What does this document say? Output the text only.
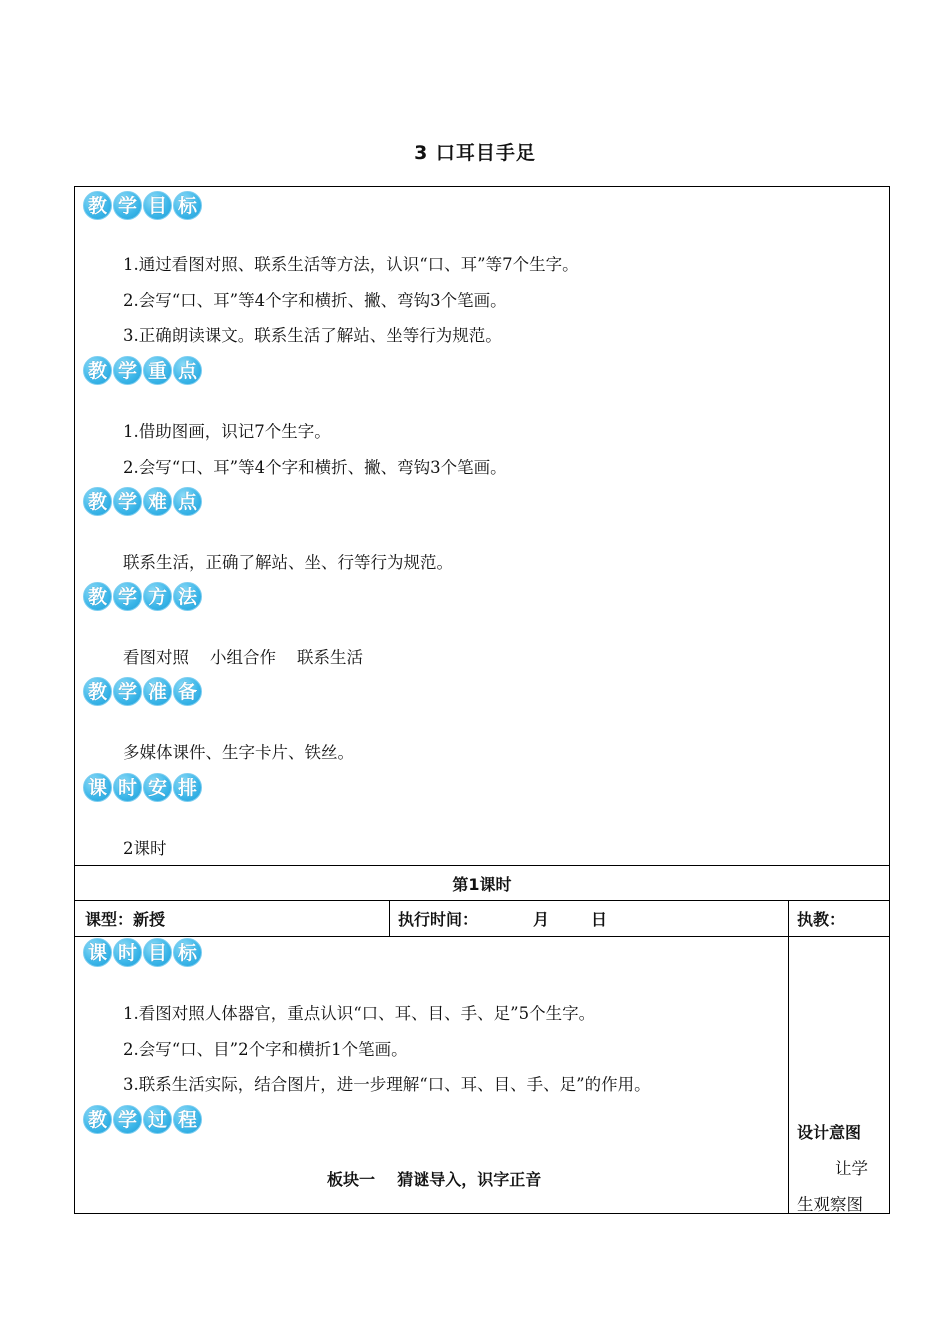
3 口耳目手足
教 学 目 标
1.通过看图对照、联系生活等方法，认识“口、耳”等7个生字。
2.会写“口、耳”等4个字和横折、撇、弯钩3个笔画。
3.正确朗读课文。联系生活了解站、坐等行为规范。
教 学 重 点
1.借助图画，识记7个生字。
2.会写“口、耳”等4个字和横折、撇、弯钩3个笔画。
教 学 难 点
联系生活，正确了解站、坐、行等行为规范。
教 学 方 法
看图对照    小组合作    联系生活
教 学 准 备
多媒体课件、生字卡片、铁丝。
课 时 安 排
2课时
第1课时
课型：新授	执行时间：	月	日	执教：
课 时 目 标
1.看图对照人体器官，重点认识“口、耳、目、手、足”5个生字。
2.会写“口、目”2个字和横折1个笔画。
3.联系生活实际，结合图片，进一步理解“口、耳、目、手、足”的作用。
教 学 过 程
板块一    猜谜导入，识字正音
设计意图
让学
生观察图
